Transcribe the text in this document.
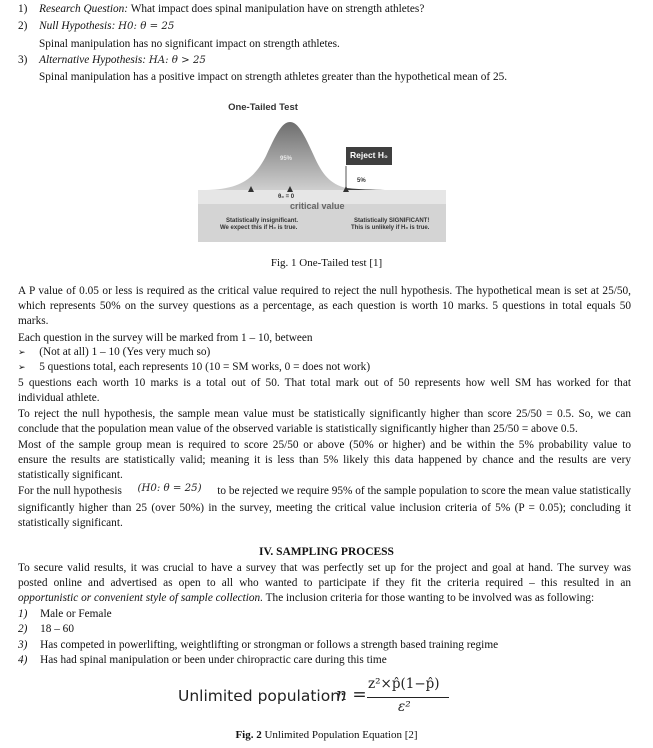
1) Research Question: What impact does spinal manipulation have on strength athletes?
2) Null Hypothesis: H0: θ = 25
Spinal manipulation has no significant impact on strength athletes.
3) Alternative Hypothesis: HA: θ > 25
Spinal manipulation has a positive impact on strength athletes greater than the hypothetical mean of 25.
One-Tailed Test
95%	Reject H₀
5%
θ₀ = 0
critical value
Statistically insignificant.
We expect this if H₀ is true.
Statistically SIGNIFICANT!
This is unlikely if H₀ is true.
Fig. 1 One-Tailed test [1]
A P value of 0.05 or less is required as the critical value required to reject the null hypothesis. The hypothetical mean is set at 25/50,
which represents 50% on the survey questions as a percentage, as each question is worth 10 marks. 5 questions in total equals 50
marks.
Each question in the survey will be marked from 1 – 10, between
➢ (Not at all) 1 – 10 (Yes very much so)
➢ 5 questions total, each represents 10 (10 = SM works, 0 = does not work)
5 questions each worth 10 marks is a total out of 50. That total mark out of 50 represents how well SM has worked for that
individual athlete.
To reject the null hypothesis, the sample mean value must be statistically significantly higher than score 25/50 = 0.5. So, we can
conclude that the population mean value of the observed variable is statistically significantly higher than 25/50 = above 0.5.
Most of the sample group mean is required to score 25/50 or above (50% or higher) and be within the 5% probability value to
ensure the results are statistically valid; meaning it is less than 5% likely this data happened by chance and the results are very
statistically significant.
For the null hypothesis (H0: θ = 25) to be rejected we require 95% of the sample population to score the mean value statistically
significantly higher than 25 (over 50%) in the survey, meeting the critical value inclusion criteria of 5% (P = 0.05); concluding it
statistically significant.
IV. SAMPLING PROCESS
To secure valid results, it was crucial to have a survey that was perfectly set up for the project and goal at hand. The survey was
posted online and advertised as open to all who wanted to participate if they fit the criteria required – this resulted in an
opportunistic or convenient style of sample collection. The inclusion criteria for those wanting to be involved was as following:
1) Male or Female
2) 18 – 60
3) Has competed in powerlifting, weightlifting or strongman or follows a strength based training regime
4) Has had spinal manipulation or been under chiropractic care during this time
Unlimited population:
n =
z²×p̂(1−p̂)
ε²
Fig. 2 Unlimited Population Equation [2]
